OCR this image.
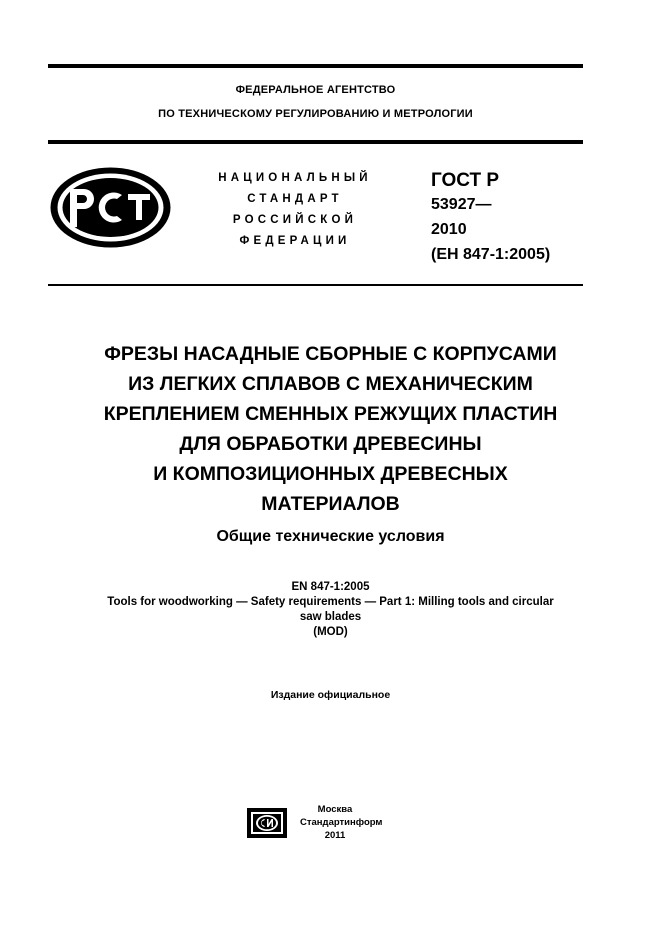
ФЕДЕРАЛЬНОЕ АГЕНТСТВО
ПО ТЕХНИЧЕСКОМУ РЕГУЛИРОВАНИЮ И МЕТРОЛОГИИ
НАЦИОНАЛЬНЫЙ
СТАНДАРТ
РОССИЙСКОЙ
ФЕДЕРАЦИИ
ГОСТ Р
53927—
2010
(ЕН 847-1:2005)
ФРЕЗЫ НАСАДНЫЕ СБОРНЫЕ С КОРПУСАМИ
ИЗ ЛЕГКИХ СПЛАВОВ С МЕХАНИЧЕСКИМ
КРЕПЛЕНИЕМ СМЕННЫХ РЕЖУЩИХ ПЛАСТИН
ДЛЯ ОБРАБОТКИ ДРЕВЕСИНЫ
И КОМПОЗИЦИОННЫХ ДРЕВЕСНЫХ
МАТЕРИАЛОВ
Общие технические условия
EN 847-1:2005
Tools for woodworking — Safety requirements — Part 1: Milling tools and circular
saw blades
(MOD)
Издание официальное
Москва
Стандартинформ
2011
